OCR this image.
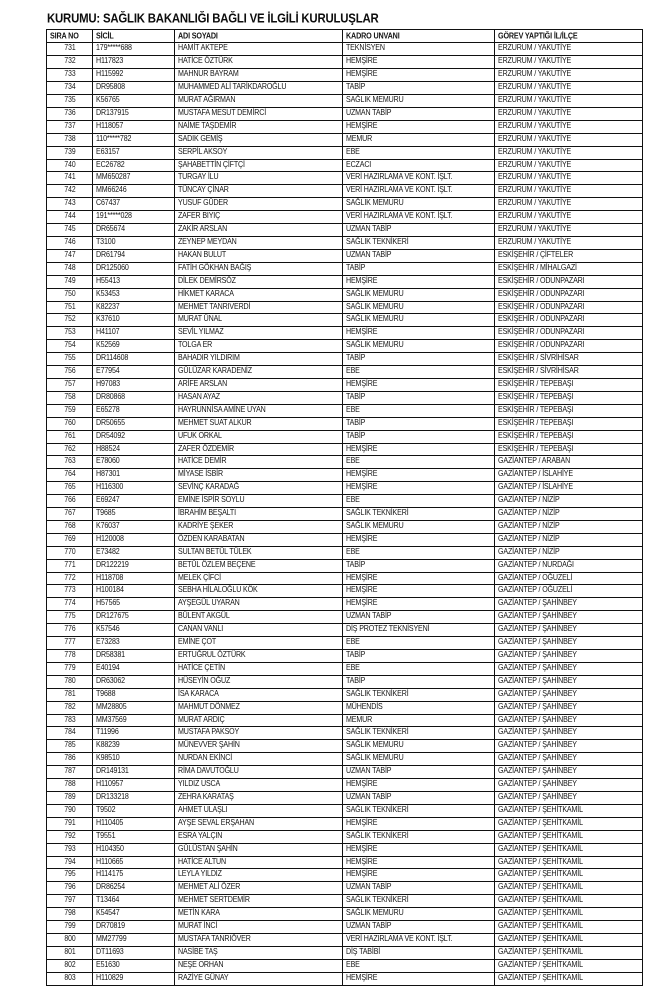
KURUMU: SAĞLIK BAKANLIĞI BAĞLI VE İLGİLİ KURULUŞLAR
SIRA NO	SİCİL	ADI SOYADI	KADRO UNVANI	GÖREV YAPTIĞI İL/İLÇE

731	179*****688	HAMİT AKTEPE	TEKNİSYEN	ERZURUM / YAKUTİYE

732	H117823	HATİCE ÖZTÜRK	HEMŞİRE	ERZURUM / YAKUTİYE

733	H115992	MAHNUR BAYRAM	HEMŞİRE	ERZURUM / YAKUTİYE

734	DR95808	MUHAMMED ALİ TARİKDAROĞLU	TABİP	ERZURUM / YAKUTİYE

735	K56765	MURAT AĞIRMAN	SAĞLIK MEMURU	ERZURUM / YAKUTİYE

736	DR137915	MUSTAFA MESUT DEMİRCİ	UZMAN TABİP	ERZURUM / YAKUTİYE

737	H118057	NAİME TAŞDEMİR	HEMŞİRE	ERZURUM / YAKUTİYE

738	110*****782	SADIK GEMİŞ	MEMUR	ERZURUM / YAKUTİYE

739	E63157	SERPİL AKSOY	EBE	ERZURUM / YAKUTİYE

740	EC26782	ŞAHABETTİN ÇİFTÇİ	ECZACI	ERZURUM / YAKUTİYE

741	MM650287	TURGAY İLU	VERİ HAZIRLAMA VE KONT. İŞLT.	ERZURUM / YAKUTİYE

742	MM66246	TÜNCAY ÇİNAR	VERİ HAZIRLAMA VE KONT. İŞLT.	ERZURUM / YAKUTİYE

743	C67437	YUSUF GÜDER	SAĞLIK MEMURU	ERZURUM / YAKUTİYE

744	191*****028	ZAFER BIYIÇ	VERİ HAZIRLAMA VE KONT. İŞLT.	ERZURUM / YAKUTİYE

745	DR65674	ZAKİR ARSLAN	UZMAN TABİP	ERZURUM / YAKUTİYE

746	T3100	ZEYNEP MEYDAN	SAĞLIK TEKNİKERİ	ERZURUM / YAKUTİYE

747	DR61794	HAKAN BULUT	UZMAN TABİP	ESKİŞEHİR / ÇİFTELER

748	DR125060	FATİH GÖKHAN BAĞIŞ	TABİP	ESKİŞEHİR / MİHALGAZİ

749	H55413	DİLEK DEMİRSÖZ	HEMŞİRE	ESKİŞEHİR / ODUNPAZARI

750	K53453	HİKMET KARACA	SAĞLIK MEMURU	ESKİŞEHİR / ODUNPAZARI

751	K82237	MEHMET TANRIVERDİ	SAĞLIK MEMURU	ESKİŞEHİR / ODUNPAZARI

752	K37610	MURAT ÜNAL	SAĞLIK MEMURU	ESKİŞEHİR / ODUNPAZARI

753	H41107	SEVİL YILMAZ	HEMŞİRE	ESKİŞEHİR / ODUNPAZARI

754	K52569	TOLGA ER	SAĞLIK MEMURU	ESKİŞEHİR / ODUNPAZARI

755	DR114608	BAHADIR YILDIRIM	TABİP	ESKİŞEHİR / SİVRİHİSAR

756	E77954	GÜLÜZAR KARADENİZ	EBE	ESKİŞEHİR / SİVRİHİSAR

757	H97083	ARİFE ARSLAN	HEMŞİRE	ESKİŞEHİR / TEPEBAŞI

758	DR80868	HASAN AYAZ	TABİP	ESKİŞEHİR / TEPEBAŞI

759	E65278	HAYRUNNİSA AMİNE UYAN	EBE	ESKİŞEHİR / TEPEBAŞI

760	DR50655	MEHMET SUAT ALKUR	TABİP	ESKİŞEHİR / TEPEBAŞI

761	DR54092	UFUK ORKAL	TABİP	ESKİŞEHİR / TEPEBAŞI

762	H88524	ZAFER ÖZDEMİR	HEMŞİRE	ESKİŞEHİR / TEPEBAŞI

763	E78060	HATİCE DEMİR	EBE	GAZİANTEP / ARABAN

764	H87301	MİYASE İSBİR	HEMŞİRE	GAZİANTEP / İSLAHİYE

765	H116300	SEVİNÇ KARADAĞ	HEMŞİRE	GAZİANTEP / İSLAHİYE

766	E69247	EMİNE İSPİR SOYLU	EBE	GAZİANTEP / NİZİP

767	T9685	İBRAHİM BEŞALTI	SAĞLIK TEKNİKERİ	GAZİANTEP / NİZİP

768	K76037	KADRİYE ŞEKER	SAĞLIK MEMURU	GAZİANTEP / NİZİP

769	H120008	ÖZDEN KARABATAN	HEMŞİRE	GAZİANTEP / NİZİP

770	E73482	SULTAN BETÜL TÜLEK	EBE	GAZİANTEP / NİZİP

771	DR122219	BETÜL ÖZLEM BEÇENE	TABİP	GAZİANTEP / NURDAĞI

772	H118708	MELEK ÇİFCİ	HEMŞİRE	GAZİANTEP / OĞUZELİ

773	H100184	SEBHA HİLALOĞLU KÖK	HEMŞİRE	GAZİANTEP / OĞUZELİ

774	H57565	AYŞEGÜL UYARAN	HEMŞİRE	GAZİANTEP / ŞAHİNBEY

775	DR127675	BÜLENT AKGÜL	UZMAN TABİP	GAZİANTEP / ŞAHİNBEY

776	K57546	CANAN VANLI	DİŞ PROTEZ TEKNİSYENİ	GAZİANTEP / ŞAHİNBEY

777	E73283	EMİNE ÇOT	EBE	GAZİANTEP / ŞAHİNBEY

778	DR58381	ERTUĞRUL ÖZTÜRK	TABİP	GAZİANTEP / ŞAHİNBEY

779	E40194	HATİCE ÇETİN	EBE	GAZİANTEP / ŞAHİNBEY

780	DR63062	HÜSEYİN OĞUZ	TABİP	GAZİANTEP / ŞAHİNBEY

781	T9688	İSA KARACA	SAĞLIK TEKNİKERİ	GAZİANTEP / ŞAHİNBEY

782	MM28805	MAHMUT DÖNMEZ	MÜHENDİS	GAZİANTEP / ŞAHİNBEY

783	MM37569	MURAT ARDIÇ	MEMUR	GAZİANTEP / ŞAHİNBEY

784	T11996	MUSTAFA PAKSOY	SAĞLIK TEKNİKERİ	GAZİANTEP / ŞAHİNBEY

785	K88239	MÜNEVVER ŞAHİN	SAĞLIK MEMURU	GAZİANTEP / ŞAHİNBEY

786	K98510	NURDAN EKİNCİ	SAĞLIK MEMURU	GAZİANTEP / ŞAHİNBEY

787	DR149131	RİMA DAVUTOĞLU	UZMAN TABİP	GAZİANTEP / ŞAHİNBEY

788	H110957	YILDIZ USCA	HEMŞİRE	GAZİANTEP / ŞAHİNBEY

789	DR133218	ZEHRA KARATAŞ	UZMAN TABİP	GAZİANTEP / ŞAHİNBEY

790	T9502	AHMET ULAŞLI	SAĞLIK TEKNİKERİ	GAZİANTEP / ŞEHİTKAMİL

791	H110405	AYŞE SEVAL ERŞAHAN	HEMŞİRE	GAZİANTEP / ŞEHİTKAMİL

792	T9551	ESRA YALÇIN	SAĞLIK TEKNİKERİ	GAZİANTEP / ŞEHİTKAMİL

793	H104350	GÜLÜSTAN ŞAHİN	HEMŞİRE	GAZİANTEP / ŞEHİTKAMİL

794	H110665	HATİCE ALTUN	HEMŞİRE	GAZİANTEP / ŞEHİTKAMİL

795	H114175	LEYLA YILDIZ	HEMŞİRE	GAZİANTEP / ŞEHİTKAMİL

796	DR86254	MEHMET ALİ ÖZER	UZMAN TABİP	GAZİANTEP / ŞEHİTKAMİL

797	T13464	MEHMET SERTDEMİR	SAĞLIK TEKNİKERİ	GAZİANTEP / ŞEHİTKAMİL

798	K54547	METİN KARA	SAĞLIK MEMURU	GAZİANTEP / ŞEHİTKAMİL

799	DR70819	MURAT İNCİ	UZMAN TABİP	GAZİANTEP / ŞEHİTKAMİL

800	MM27799	MUSTAFA TANRIÖVER	VERİ HAZIRLAMA VE KONT. İŞLT.	GAZİANTEP / ŞEHİTKAMİL

801	DT11693	NASİBE TAŞ	DİŞ TABİBİ	GAZİANTEP / ŞEHİTKAMİL

802	E51630	NEŞE ORHAN	EBE	GAZİANTEP / ŞEHİTKAMİL

803	H110829	RAZİYE GÜNAY	HEMŞİRE	GAZİANTEP / ŞEHİTKAMİL
